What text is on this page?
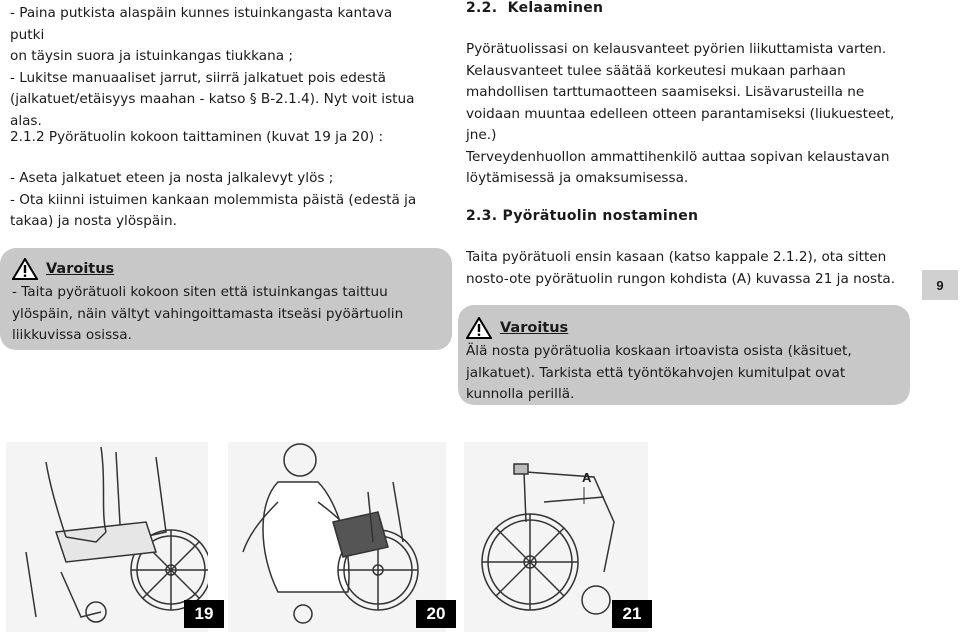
- Paina putkista alaspäin kunnes istuinkangasta kantava putki

on täysin suora ja istuinkangas tiukkana ;

- Lukitse manuaaliset jarrut, siirrä jalkatuet pois edestä

(jalkatuet/etäisyys maahan - katso § B-2.1.4). Nyt voit istua

alas.

2.1.2 Pyörätuolin kokoon taittaminen (kuvat 19 ja 20) :

- Aseta jalkatuet eteen ja nosta jalkalevyt ylös ;

- Ota kiinni istuimen kankaan molemmista päistä (edestä ja

takaa) ja nosta ylöspäin.

Varoitus

- Taita pyörätuoli kokoon siten että istuinkangas taittuu

ylöspäin, näin vältyt vahingoittamasta itseäsi pyöärtuolin

liikkuvissa osissa.

2.2.  Kelaaminen

Pyörätuolissasi on kelausvanteet pyörien liikuttamista varten.

Kelausvanteet tulee säätää korkeutesi mukaan parhaan

mahdollisen tarttumaotteen saamiseksi. Lisävarusteilla ne

voidaan muuntaa edelleen otteen parantamiseksi (liukuesteet,

jne.)

Terveydenhuollon ammattihenkilö auttaa sopivan kelaustavan

löytämisessä ja omaksumisessa.

2.3. Pyörätuolin nostaminen

Taita pyörätuoli ensin kasaan (katso kappale 2.1.2), ota sitten

nosto-ote pyörätuolin rungon kohdista (A) kuvassa 21 ja nosta.

Varoitus

Älä nosta pyörätuolia koskaan irtoavista osista (käsituet,

jalkatuet). Tarkista että työntökahvojen kumitulpat ovat

kunnolla perillä.

9
19	20
A
21
